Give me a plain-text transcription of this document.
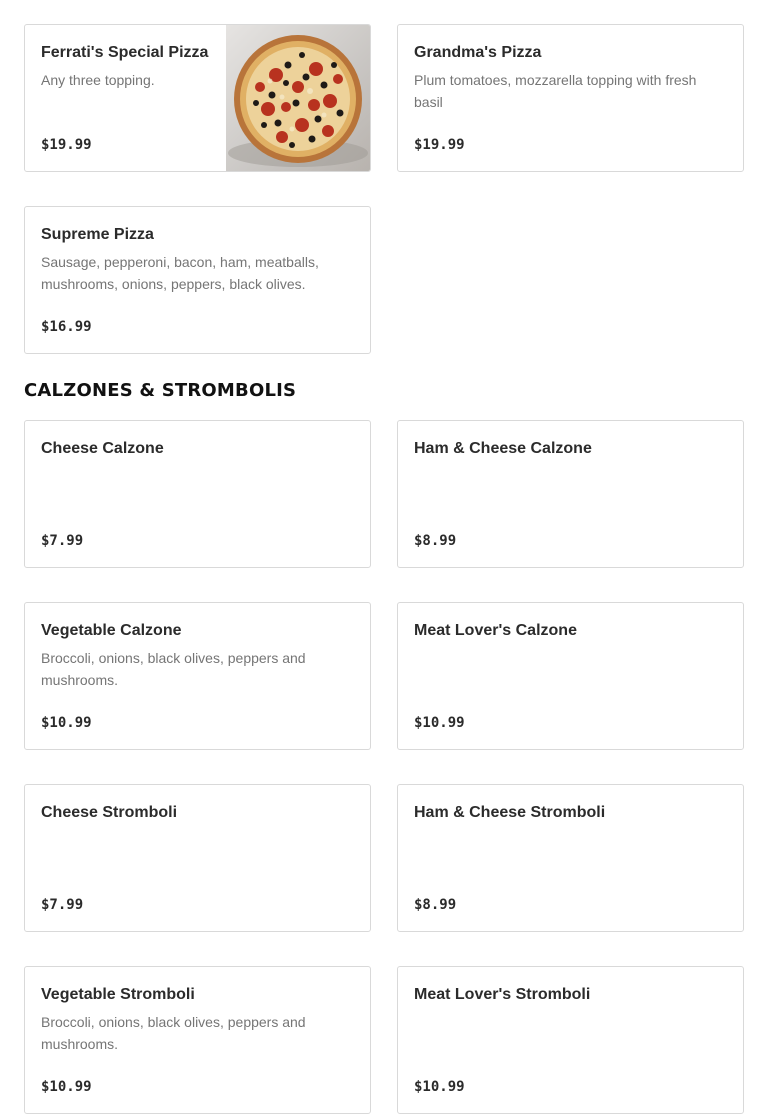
Ferrati's Special Pizza
Any three topping.
$19.99
Grandma's Pizza
Plum tomatoes, mozzarella topping with fresh basil
$19.99
Supreme Pizza
Sausage, pepperoni, bacon, ham, meatballs, mushrooms, onions, peppers, black olives.
$16.99
CALZONES & STROMBOLIS
Cheese Calzone
$7.99
Ham & Cheese Calzone
$8.99
Vegetable Calzone
Broccoli, onions, black olives, peppers and mushrooms.
$10.99
Meat Lover's Calzone
$10.99
Cheese Stromboli
$7.99
Ham & Cheese Stromboli
$8.99
Vegetable Stromboli
Broccoli, onions, black olives, peppers and mushrooms.
$10.99
Meat Lover's Stromboli
$10.99
